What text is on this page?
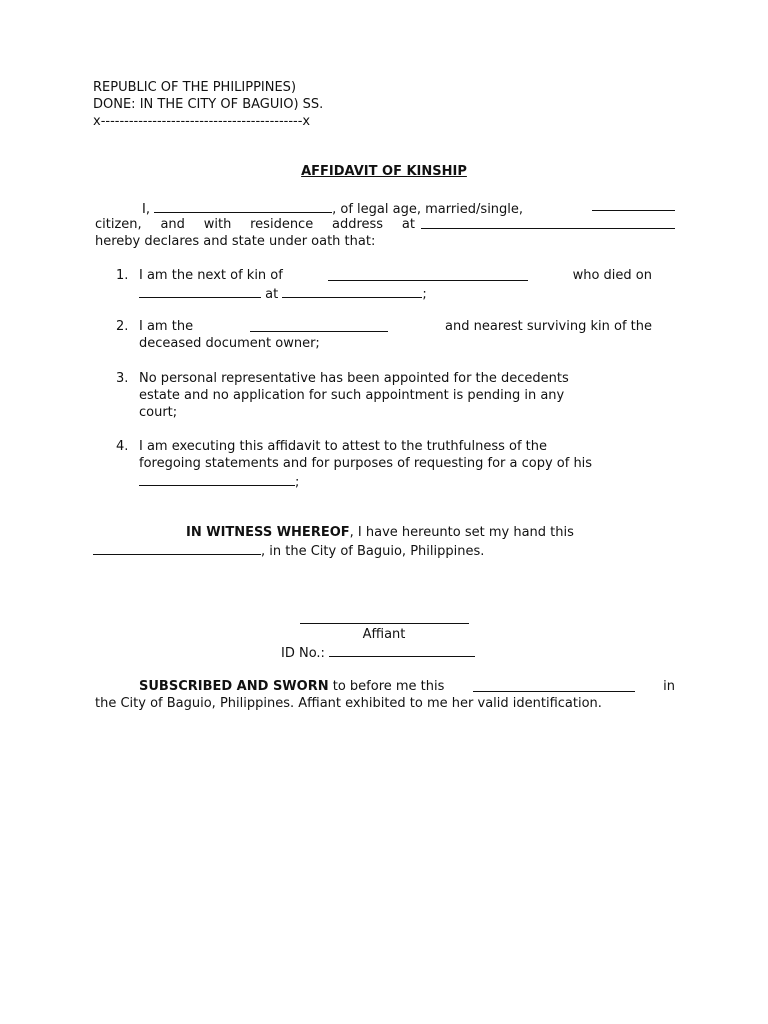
REPUBLIC OF THE PHILIPPINES)
DONE: IN THE CITY OF BAGUIO) SS.
x-------------------------------------------x
AFFIDAVIT OF KINSHIP
I,	, of legal age, married/single,
citizen, and with residence address at
hereby declares and state under oath that:
1. I am the next of kin of	who died on
at	;
2. I am the	and nearest surviving kin of the
deceased document owner;
3. No personal representative has been appointed for the decedents
estate and no application for such appointment is pending in any
court;
4. I am executing this affidavit to attest to the truthfulness of the
foregoing statements and for purposes of requesting for a copy of his
;
IN WITNESS WHEREOF, I have hereunto set my hand this
, in the City of Baguio, Philippines.
Affiant
ID No.:
SUBSCRIBED AND SWORN to before me this	in
the City of Baguio, Philippines. Affiant exhibited to me her valid identification.
